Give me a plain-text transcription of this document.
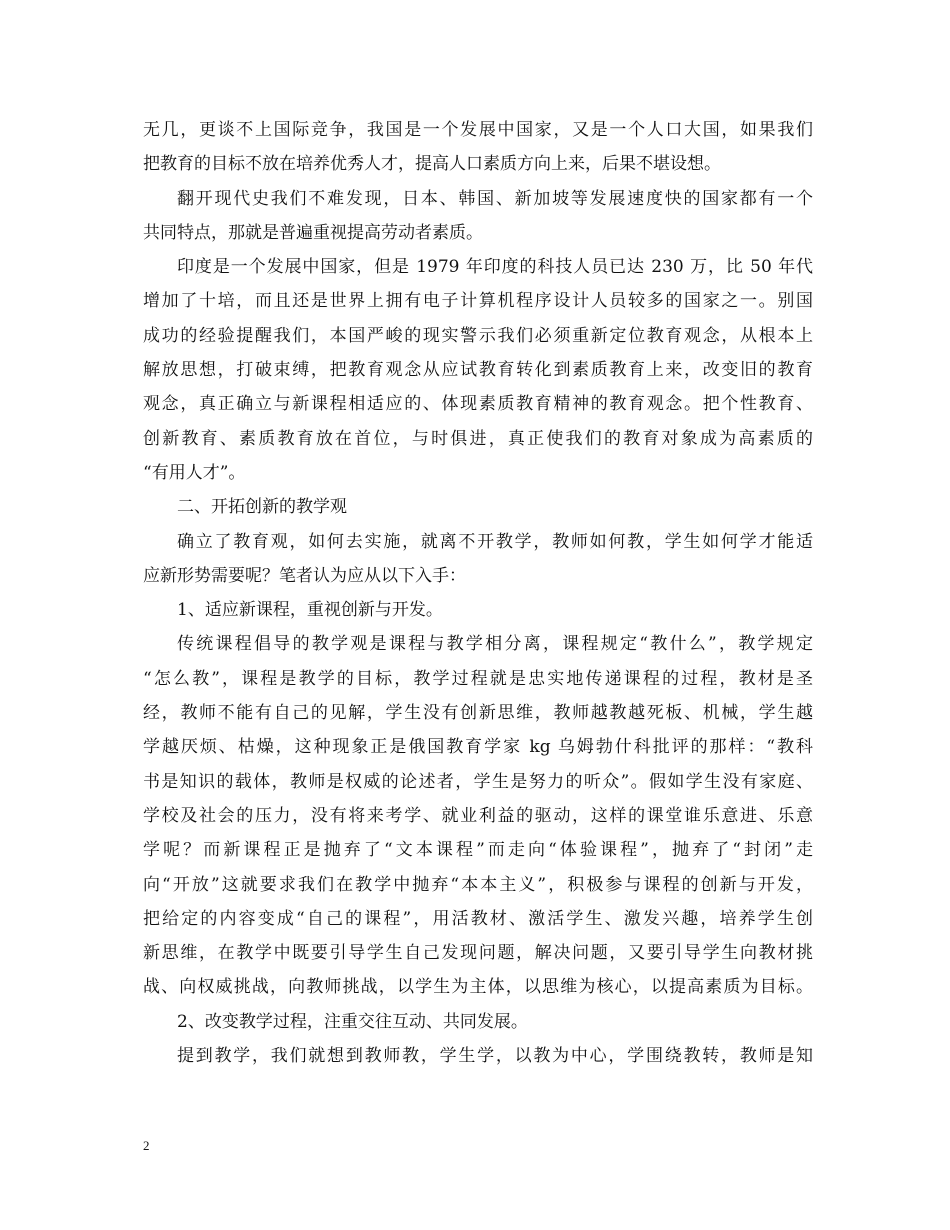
无几，更谈不上国际竞争，我国是一个发展中国家，又是一个人口大国，如果我们
把教育的目标不放在培养优秀人才，提高人口素质方向上来，后果不堪设想。
翻开现代史我们不难发现，日本、韩国、新加坡等发展速度快的国家都有一个
共同特点，那就是普遍重视提高劳动者素质。
印度是一个发展中国家，但是 1979 年印度的科技人员已达 230 万，比 50 年代
增加了十培，而且还是世界上拥有电子计算机程序设计人员较多的国家之一。别国
成功的经验提醒我们，本国严峻的现实警示我们必须重新定位教育观念，从根本上
解放思想，打破束缚，把教育观念从应试教育转化到素质教育上来，改变旧的教育
观念，真正确立与新课程相适应的、体现素质教育精神的教育观念。把个性教育、
创新教育、素质教育放在首位，与时俱进，真正使我们的教育对象成为高素质的
“有用人才”。
二、开拓创新的教学观
确立了教育观，如何去实施，就离不开教学，教师如何教，学生如何学才能适
应新形势需要呢？笔者认为应从以下入手：
1、适应新课程，重视创新与开发。
传统课程倡导的教学观是课程与教学相分离，课程规定“教什么”，教学规定
“怎么教”，课程是教学的目标，教学过程就是忠实地传递课程的过程，教材是圣
经，教师不能有自己的见解，学生没有创新思维，教师越教越死板、机械，学生越
学越厌烦、枯燥，这种现象正是俄国教育学家 kg 乌姆勃什科批评的那样：“教科
书是知识的载体，教师是权威的论述者，学生是努力的听众”。假如学生没有家庭、
学校及社会的压力，没有将来考学、就业利益的驱动，这样的课堂谁乐意进、乐意
学呢？而新课程正是抛弃了“文本课程”而走向“体验课程”，抛弃了“封闭”走
向“开放”这就要求我们在教学中抛弃“本本主义”，积极参与课程的创新与开发，
把给定的内容变成“自己的课程”，用活教材、激活学生、激发兴趣，培养学生创
新思维，在教学中既要引导学生自己发现问题，解决问题，又要引导学生向教材挑
战、向权威挑战，向教师挑战，以学生为主体，以思维为核心，以提高素质为目标。
2、改变教学过程，注重交往互动、共同发展。
提到教学，我们就想到教师教，学生学，以教为中心，学围绕教转，教师是知
2
